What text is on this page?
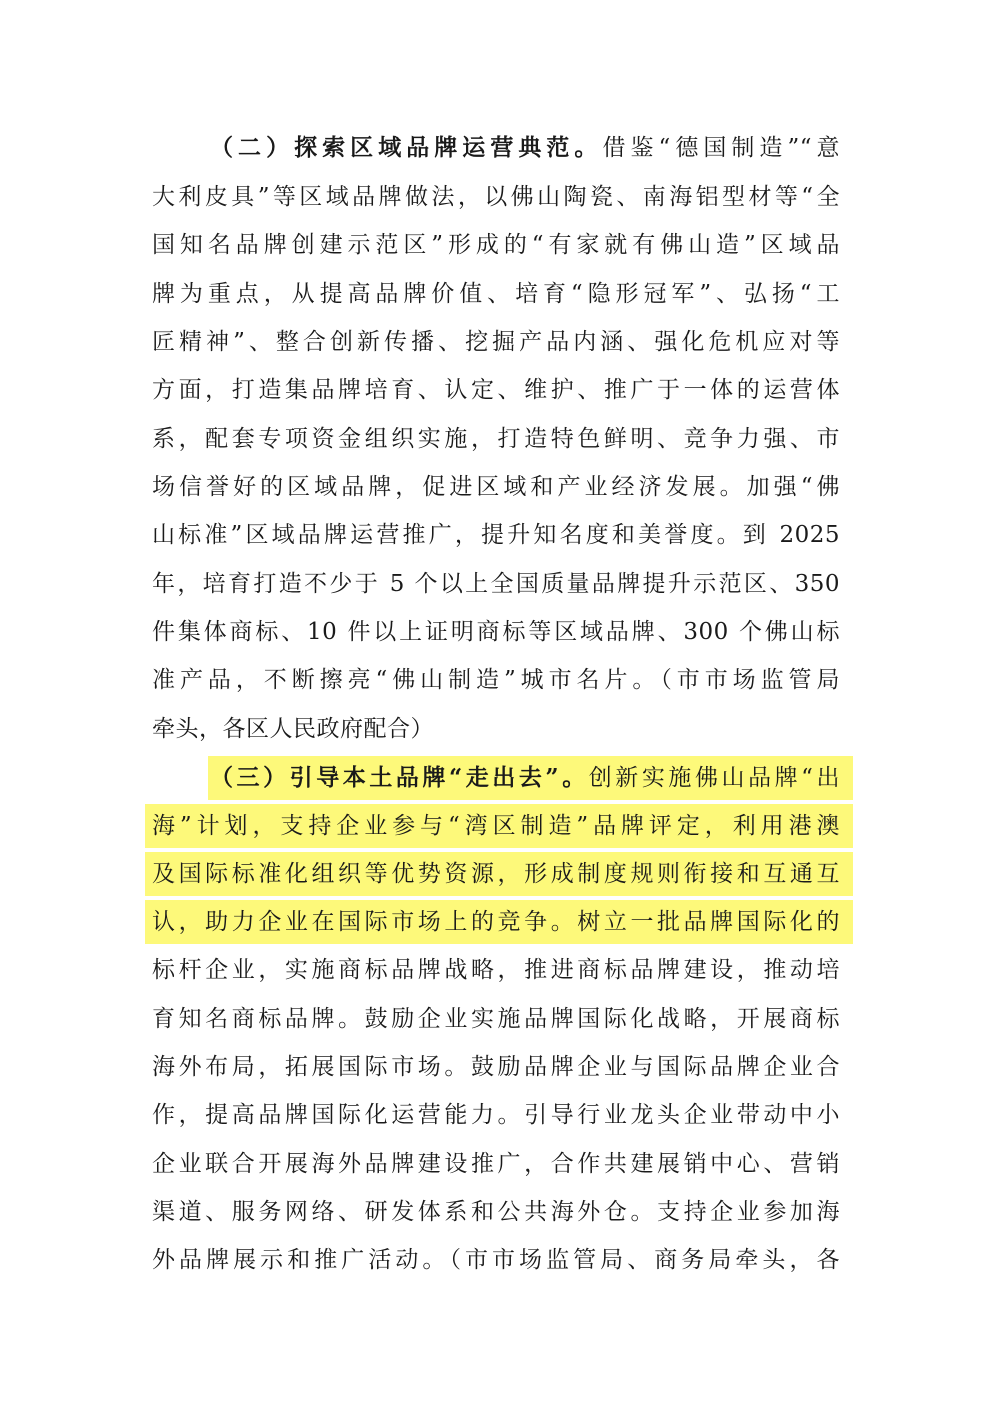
（二）探索区域品牌运营典范。借鉴“德国制造”“意
大利皮具”等区域品牌做法，以佛山陶瓷、南海铝型材等“全
国知名品牌创建示范区”形成的“有家就有佛山造”区域品
牌为重点，从提高品牌价值、培育“隐形冠军”、弘扬“工
匠精神”、整合创新传播、挖掘产品内涵、强化危机应对等
方面，打造集品牌培育、认定、维护、推广于一体的运营体
系，配套专项资金组织实施，打造特色鲜明、竞争力强、市
场信誉好的区域品牌，促进区域和产业经济发展。加强“佛
山标准”区域品牌运营推广，提升知名度和美誉度。到 2025
年，培育打造不少于 5 个以上全国质量品牌提升示范区、350
件集体商标、10 件以上证明商标等区域品牌、300 个佛山标
准产品，不断擦亮“佛山制造”城市名片。（市市场监管局
牵头，各区人民政府配合）
（三）引导本土品牌“走出去”。创新实施佛山品牌“出
海”计划，支持企业参与“湾区制造”品牌评定，利用港澳
及国际标准化组织等优势资源，形成制度规则衔接和互通互
认，助力企业在国际市场上的竞争。树立一批品牌国际化的
标杆企业，实施商标品牌战略，推进商标品牌建设，推动培
育知名商标品牌。鼓励企业实施品牌国际化战略，开展商标
海外布局，拓展国际市场。鼓励品牌企业与国际品牌企业合
作，提高品牌国际化运营能力。引导行业龙头企业带动中小
企业联合开展海外品牌建设推广，合作共建展销中心、营销
渠道、服务网络、研发体系和公共海外仓。支持企业参加海
外品牌展示和推广活动。（市市场监管局、商务局牵头，各
